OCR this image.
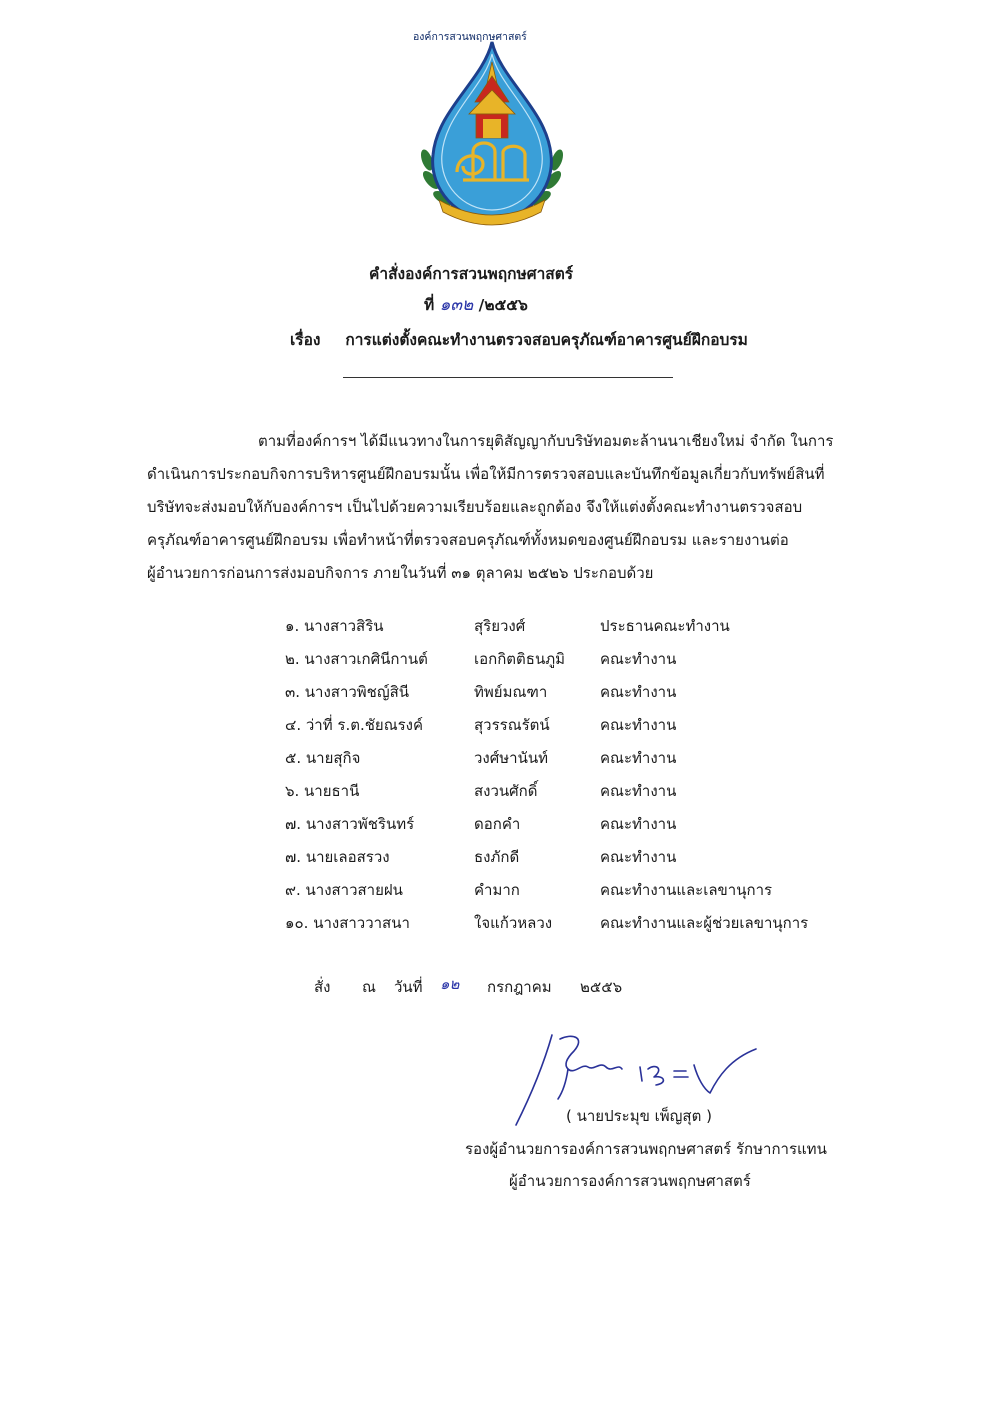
องค์การสวนพฤกษศาสตร์
คำสั่งองค์การสวนพฤกษศาสตร์
ที่ ๑๓๒ /๒๕๕๖
เรื่อง การแต่งตั้งคณะทำงานตรวจสอบครุภัณฑ์อาคารศูนย์ฝึกอบรม
ตามที่องค์การฯ ได้มีแนวทางในการยุติสัญญากับบริษัทอมตะล้านนาเชียงใหม่ จำกัด ในการ
ดำเนินการประกอบกิจการบริหารศูนย์ฝึกอบรมนั้น เพื่อให้มีการตรวจสอบและบันทึกข้อมูลเกี่ยวกับทรัพย์สินที่
บริษัทจะส่งมอบให้กับองค์การฯ เป็นไปด้วยความเรียบร้อยและถูกต้อง จึงให้แต่งตั้งคณะทำงานตรวจสอบ
ครุภัณฑ์อาคารศูนย์ฝึกอบรม เพื่อทำหน้าที่ตรวจสอบครุภัณฑ์ทั้งหมดของศูนย์ฝึกอบรม และรายงานต่อ
ผู้อำนวยการก่อนการส่งมอบกิจการ ภายในวันที่ ๓๑ ตุลาคม ๒๕๒๖ ประกอบด้วย
๑. นางสาวสิริน	สุริยวงศ์	ประธานคณะทำงาน
๒. นางสาวเกศินีกานต์	เอกกิตติธนภูมิ คณะทำงาน
๓. นางสาวพิชญ์สินี	ทิพย์มณฑา	คณะทำงาน
๔. ว่าที่ ร.ต.ชัยณรงค์	สุวรรณรัตน์	คณะทำงาน
๕. นายสุกิจ	วงศ์ษานันท์	คณะทำงาน
๖. นายธานี	สงวนศักดิ์	คณะทำงาน
๗. นางสาวพัชรินทร์	ดอกคำ	คณะทำงาน
๗. นายเลอสรวง	ธงภักดี	คณะทำงาน
๙. นางสาวสายฝน	คำมาก	คณะทำงานและเลขานุการ
๑๐. นางสาววาสนา	ใจแก้วหลวง	คณะทำงานและผู้ช่วยเลขานุการ
สั่ง ณ วันที่ ๑๒ กรกฎาคม ๒๕๕๖
( นายประมุข เพ็ญสุต )
รองผู้อำนวยการองค์การสวนพฤกษศาสตร์ รักษาการแทน
ผู้อำนวยการองค์การสวนพฤกษศาสตร์
